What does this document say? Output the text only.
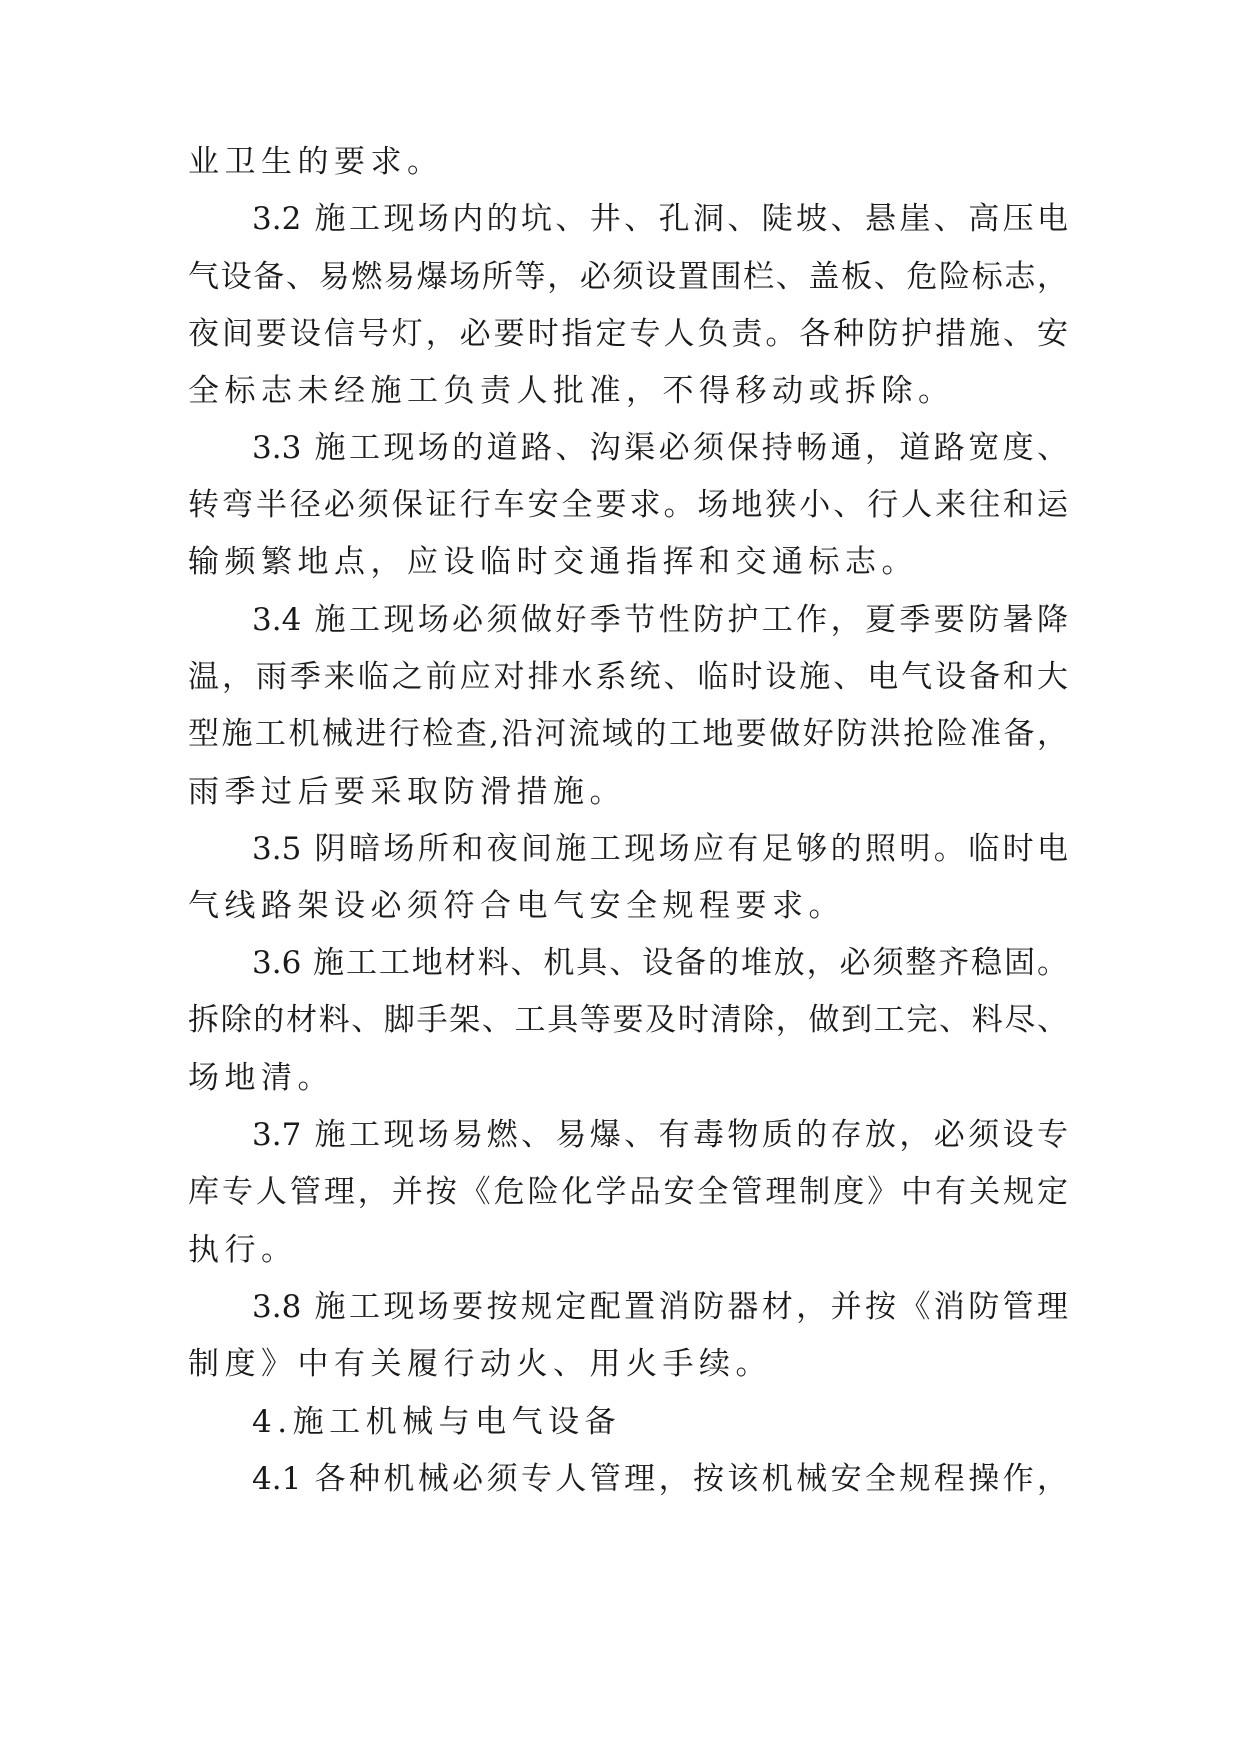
业卫生的要求。
3.2 施工现场内的坑、井、孔洞、陡坡、悬崖、高压电
气设备、易燃易爆场所等，必须设置围栏、盖板、危险标志，
夜间要设信号灯，必要时指定专人负责。各种防护措施、安
全标志未经施工负责人批准，不得移动或拆除。
3.3 施工现场的道路、沟渠必须保持畅通，道路宽度、
转弯半径必须保证行车安全要求。场地狭小、行人来往和运
输频繁地点，应设临时交通指挥和交通标志。
3.4 施工现场必须做好季节性防护工作，夏季要防暑降
温，雨季来临之前应对排水系统、临时设施、电气设备和大
型施工机械进行检查,沿河流域的工地要做好防洪抢险准备，
雨季过后要采取防滑措施。
3.5 阴暗场所和夜间施工现场应有足够的照明。临时电
气线路架设必须符合电气安全规程要求。
3.6 施工工地材料、机具、设备的堆放，必须整齐稳固。
拆除的材料、脚手架、工具等要及时清除，做到工完、料尽、
场地清。
3.7 施工现场易燃、易爆、有毒物质的存放，必须设专
库专人管理，并按《危险化学品安全管理制度》中有关规定
执行。
3.8 施工现场要按规定配置消防器材，并按《消防管理
制度》中有关履行动火、用火手续。
4.施工机械与电气设备
4.1 各种机械必须专人管理，按该机械安全规程操作，
